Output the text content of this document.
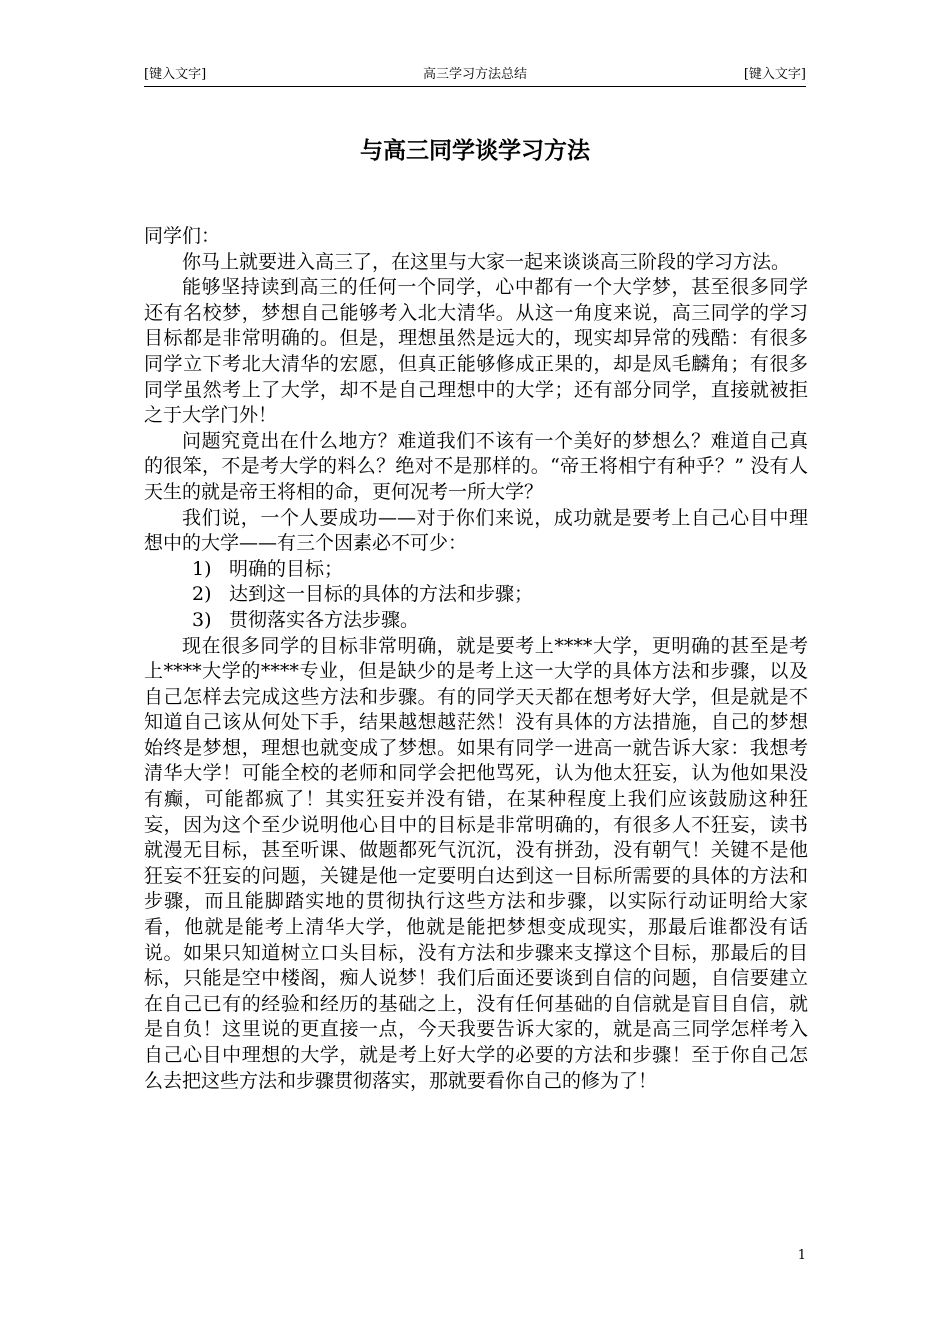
高三学习方法总结
[键入文字]	[键入文字]
与高三同学谈学习方法

同学们：

你马上就要进入高三了，在这里与大家一起来谈谈高三阶段的学习方法。

能够坚持读到高三的任何一个同学，心中都有一个大学梦，甚至很多同学还有名校梦，梦想自己能够考入北大清华。从这一角度来说，高三同学的学习目标都是非常明确的。但是，理想虽然是远大的，现实却异常的残酷：有很多同学立下考北大清华的宏愿，但真正能够修成正果的，却是凤毛麟角；有很多同学虽然考上了大学，却不是自己理想中的大学；还有部分同学，直接就被拒之于大学门外！

问题究竟出在什么地方？难道我们不该有一个美好的梦想么？难道自己真的很笨，不是考大学的料么？绝对不是那样的。“帝王将相宁有种乎？” 没有人天生的就是帝王将相的命，更何况考一所大学？

我们说，一个人要成功——对于你们来说，成功就是要考上自己心目中理想中的大学——有三个因素必不可少：

1) 明确的目标；

2) 达到这一目标的具体的方法和步骤；

3) 贯彻落实各方法步骤。

现在很多同学的目标非常明确，就是要考上****大学，更明确的甚至是考上****大学的****专业，但是缺少的是考上这一大学的具体方法和步骤，以及自己怎样去完成这些方法和步骤。有的同学天天都在想考好大学，但是就是不知道自己该从何处下手，结果越想越茫然！没有具体的方法措施，自己的梦想始终是梦想，理想也就变成了梦想。如果有同学一进高一就告诉大家：我想考清华大学！可能全校的老师和同学会把他骂死，认为他太狂妄，认为他如果没有癫，可能都疯了！其实狂妄并没有错，在某种程度上我们应该鼓励这种狂妄，因为这个至少说明他心目中的目标是非常明确的，有很多人不狂妄，读书就漫无目标，甚至听课、做题都死气沉沉，没有拼劲，没有朝气！关键不是他狂妄不狂妄的问题，关键是他一定要明白达到这一目标所需要的具体的方法和步骤，而且能脚踏实地的贯彻执行这些方法和步骤，以实际行动证明给大家看，他就是能考上清华大学，他就是能把梦想变成现实，那最后谁都没有话说。如果只知道树立口头目标，没有方法和步骤来支撑这个目标，那最后的目标，只能是空中楼阁，痴人说梦！我们后面还要谈到自信的问题，自信要建立在自己已有的经验和经历的基础之上，没有任何基础的自信就是盲目自信，就是自负！这里说的更直接一点，今天我要告诉大家的，就是高三同学怎样考入自己心目中理想的大学，就是考上好大学的必要的方法和步骤！至于你自己怎么去把这些方法和步骤贯彻落实，那就要看你自己的修为了！

1
